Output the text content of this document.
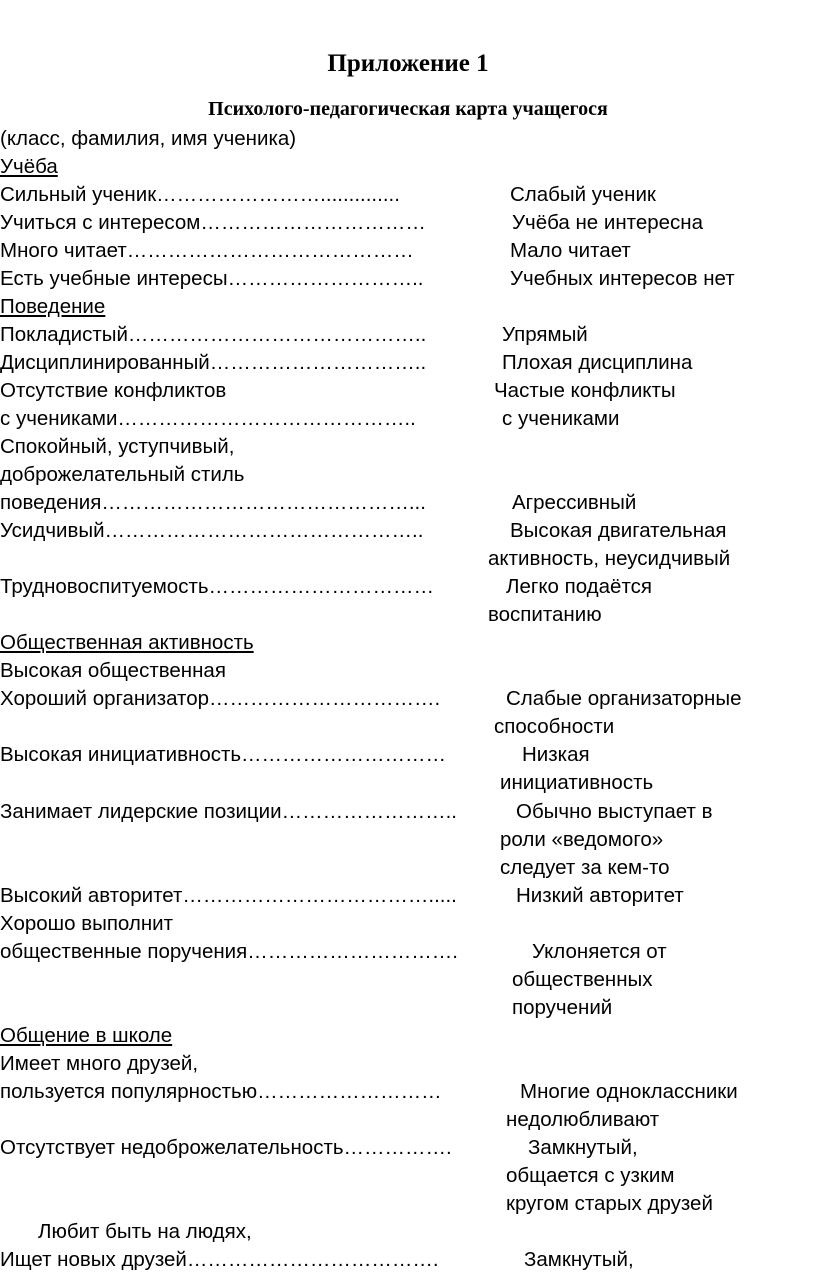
Приложение 1
Психолого-педагогическая карта учащегося
(класс, фамилия, имя ученика)
Учёба
Сильный ученик……………………..............	Слабый ученик
Учиться с интересом……………………………	Учёба не интересна
Много читает……………………………………	Мало читает
Есть учебные интересы………………………..	Учебных интересов нет
Поведение
Покладистый……………………………………..	Упрямый
Дисциплинированный…………………………..	Плохая дисциплина
Отсутствие конфликтов	Частые конфликты
с учениками……………………………………..	с учениками
Спокойный, уступчивый,
доброжелательный стиль
поведения………………………………………...	Агрессивный
Усидчивый………………………………………..	Высокая двигательная
активность, неусидчивый
Трудновоспитуемость……………………………	Легко подаётся
воспитанию
Общественная активность
Высокая общественная
Хороший организатор…………………………….	Слабые организаторные
способности
Высокая инициативность…………………………	Низкая
инициативность
Занимает лидерские позиции……………………..	Обычно выступает в
роли «ведомого»
следует за кем-то
Высокий авторитет……………………………….....	Низкий авторитет
Хорошо выполнит
общественные поручения………………………….	Уклоняется от
общественных
поручений
Общение в школе
Имеет много друзей,
пользуется популярностью………………………	Многие одноклассники
недолюбливают
Отсутствует недоброжелательность…………….	Замкнутый,
общается с узким
кругом старых друзей
Любит быть на людях,
Ищет новых друзей……………………………….	Замкнутый,
